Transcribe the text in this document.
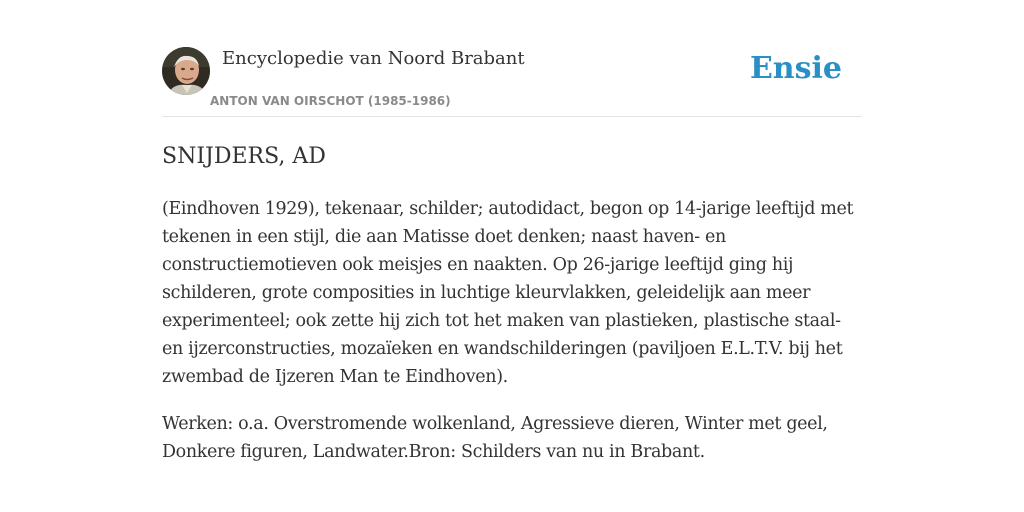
Encyclopedie van Noord Brabant
ANTON VAN OIRSCHOT (1985-1986)
Ensie
SNIJDERS, AD

(Eindhoven 1929), tekenaar, schilder; autodidact, begon op 14-jarige leeftijd met tekenen in een stijl, die aan Matisse doet denken; naast haven- en constructiemotieven ook meisjes en naakten. Op 26-jarige leeftijd ging hij schilderen, grote composities in luchtige kleurvlakken, geleidelijk aan meer experimenteel; ook zette hij zich tot het maken van plastieken, plastische staal- en ijzerconstructies, mozaïeken en wandschilderingen (paviljoen E.L.T.V. bij het zwembad de Ijzeren Man te Eindhoven).

Werken: o.a. Overstromende wolkenland, Agressieve dieren, Winter met geel, Donkere figuren, Landwater.Bron: Schilders van nu in Brabant.
